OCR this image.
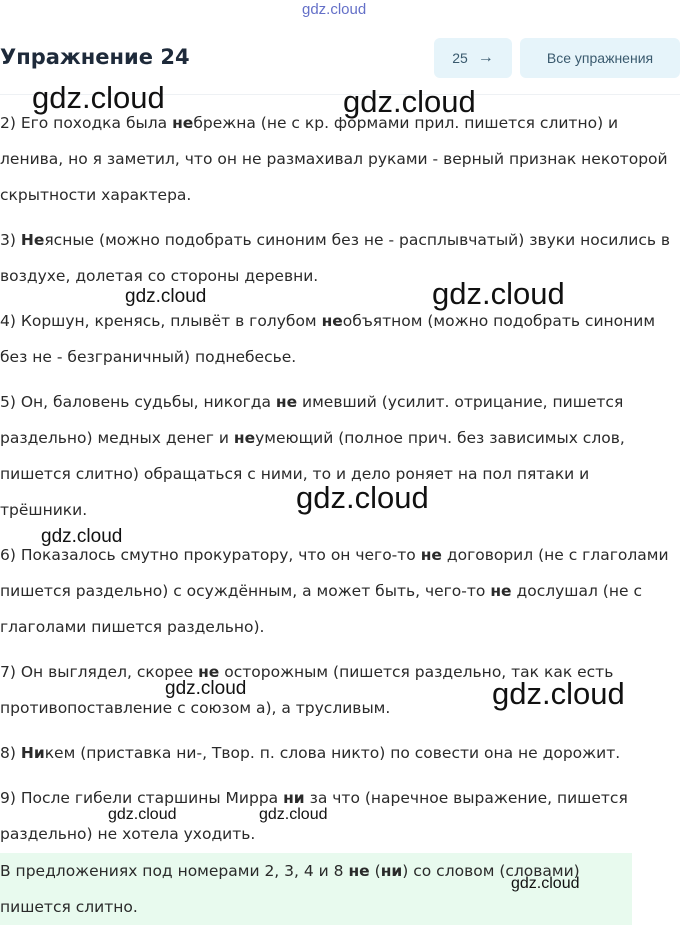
gdz.cloud
Упражнение 24	25 →	Все упражнения

2) Его походка была небрежна (не с кр. формами прил. пишется слитно) и ленива, но я заметил, что он не размахивал руками - верный признак некоторой скрытности характера.

3) Неясные (можно подобрать синоним без не - расплывчатый) звуки носились в воздухе, долетая со стороны деревни.

4) Коршун, кренясь, плывёт в голубом необъятном (можно подобрать синоним без не - безграничный) поднебесье.

5) Он, баловень судьбы, никогда не имевший (усилит. отрицание, пишется раздельно) медных денег и неумеющий (полное прич. без зависимых слов, пишется слитно) обращаться с ними, то и дело роняет на пол пятаки и трёшники.

6) Показалось смутно прокуратору, что он чего-то не договорил (не с глаголами пишется раздельно) с осуждённым, а может быть, чего-то не дослушал (не с глаголами пишется раздельно).

7) Он выглядел, скорее не осторожным (пишется раздельно, так как есть противопоставление с союзом а), а трусливым.

8) Никем (приставка ни-, Твор. п. слова никто) по совести она не дорожит.

9) После гибели старшины Мирра ни за что (наречное выражение, пишется раздельно) не хотела уходить.

В предложениях под номерами 2, 3, 4 и 8 не (ни) со словом (словами) пишется слитно.
gdz.cloud	gdz.cloud
gdz.cloud	gdz.cloud
gdz.cloud
gdz.cloud
gdz.cloud	gdz.cloud
gdz.cloud	gdz.cloud
gdz.cloud
